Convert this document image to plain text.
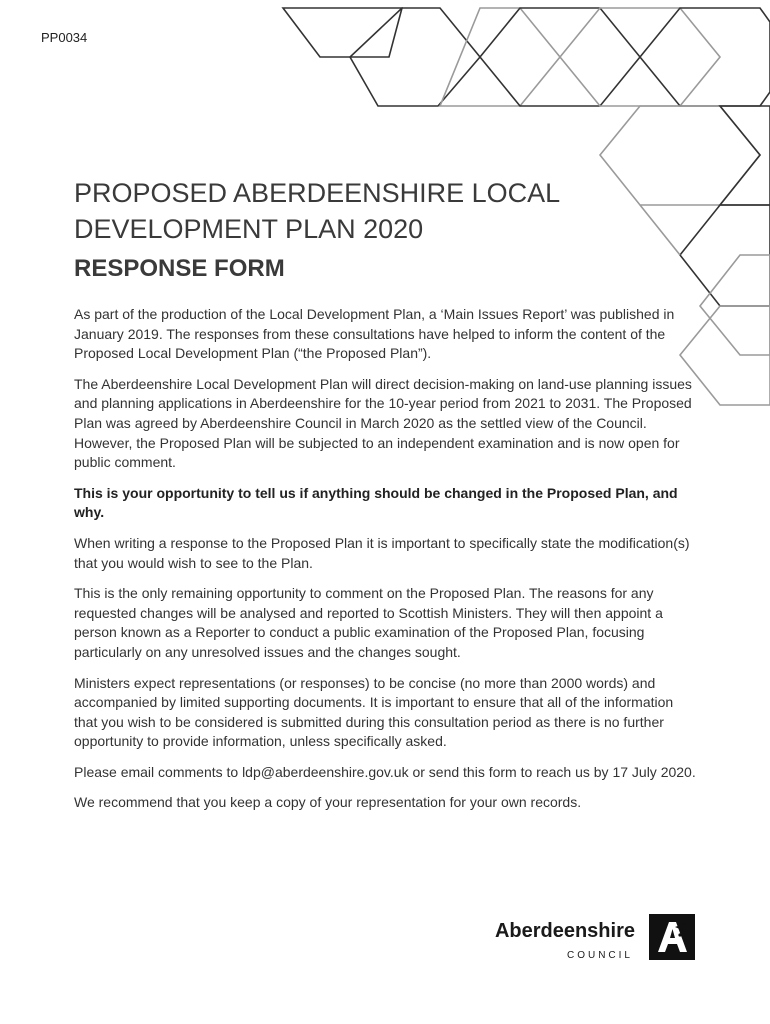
PP0034
PROPOSED ABERDEENSHIRE LOCAL DEVELOPMENT PLAN 2020
RESPONSE FORM

As part of the production of the Local Development Plan, a ‘Main Issues Report’ was published in January 2019. The responses from these consultations have helped to inform the content of the Proposed Local Development Plan (“the Proposed Plan”).

The Aberdeenshire Local Development Plan will direct decision-making on land-use planning issues and planning applications in Aberdeenshire for the 10-year period from 2021 to 2031. The Proposed Plan was agreed by Aberdeenshire Council in March 2020 as the settled view of the Council. However, the Proposed Plan will be subjected to an independent examination and is now open for public comment.

This is your opportunity to tell us if anything should be changed in the Proposed Plan, and why.

When writing a response to the Proposed Plan it is important to specifically state the modification(s) that you would wish to see to the Plan.

This is the only remaining opportunity to comment on the Proposed Plan. The reasons for any requested changes will be analysed and reported to Scottish Ministers. They will then appoint a person known as a Reporter to conduct a public examination of the Proposed Plan, focusing particularly on any unresolved issues and the changes sought.

Ministers expect representations (or responses) to be concise (no more than 2000 words) and accompanied by limited supporting documents. It is important to ensure that all of the information that you wish to be considered is submitted during this consultation period as there is no further opportunity to provide information, unless specifically asked.

Please email comments to ldp@aberdeenshire.gov.uk or send this form to reach us by 17 July 2020.

We recommend that you keep a copy of your representation for your own records.

Aberdeenshire
COUNCIL
